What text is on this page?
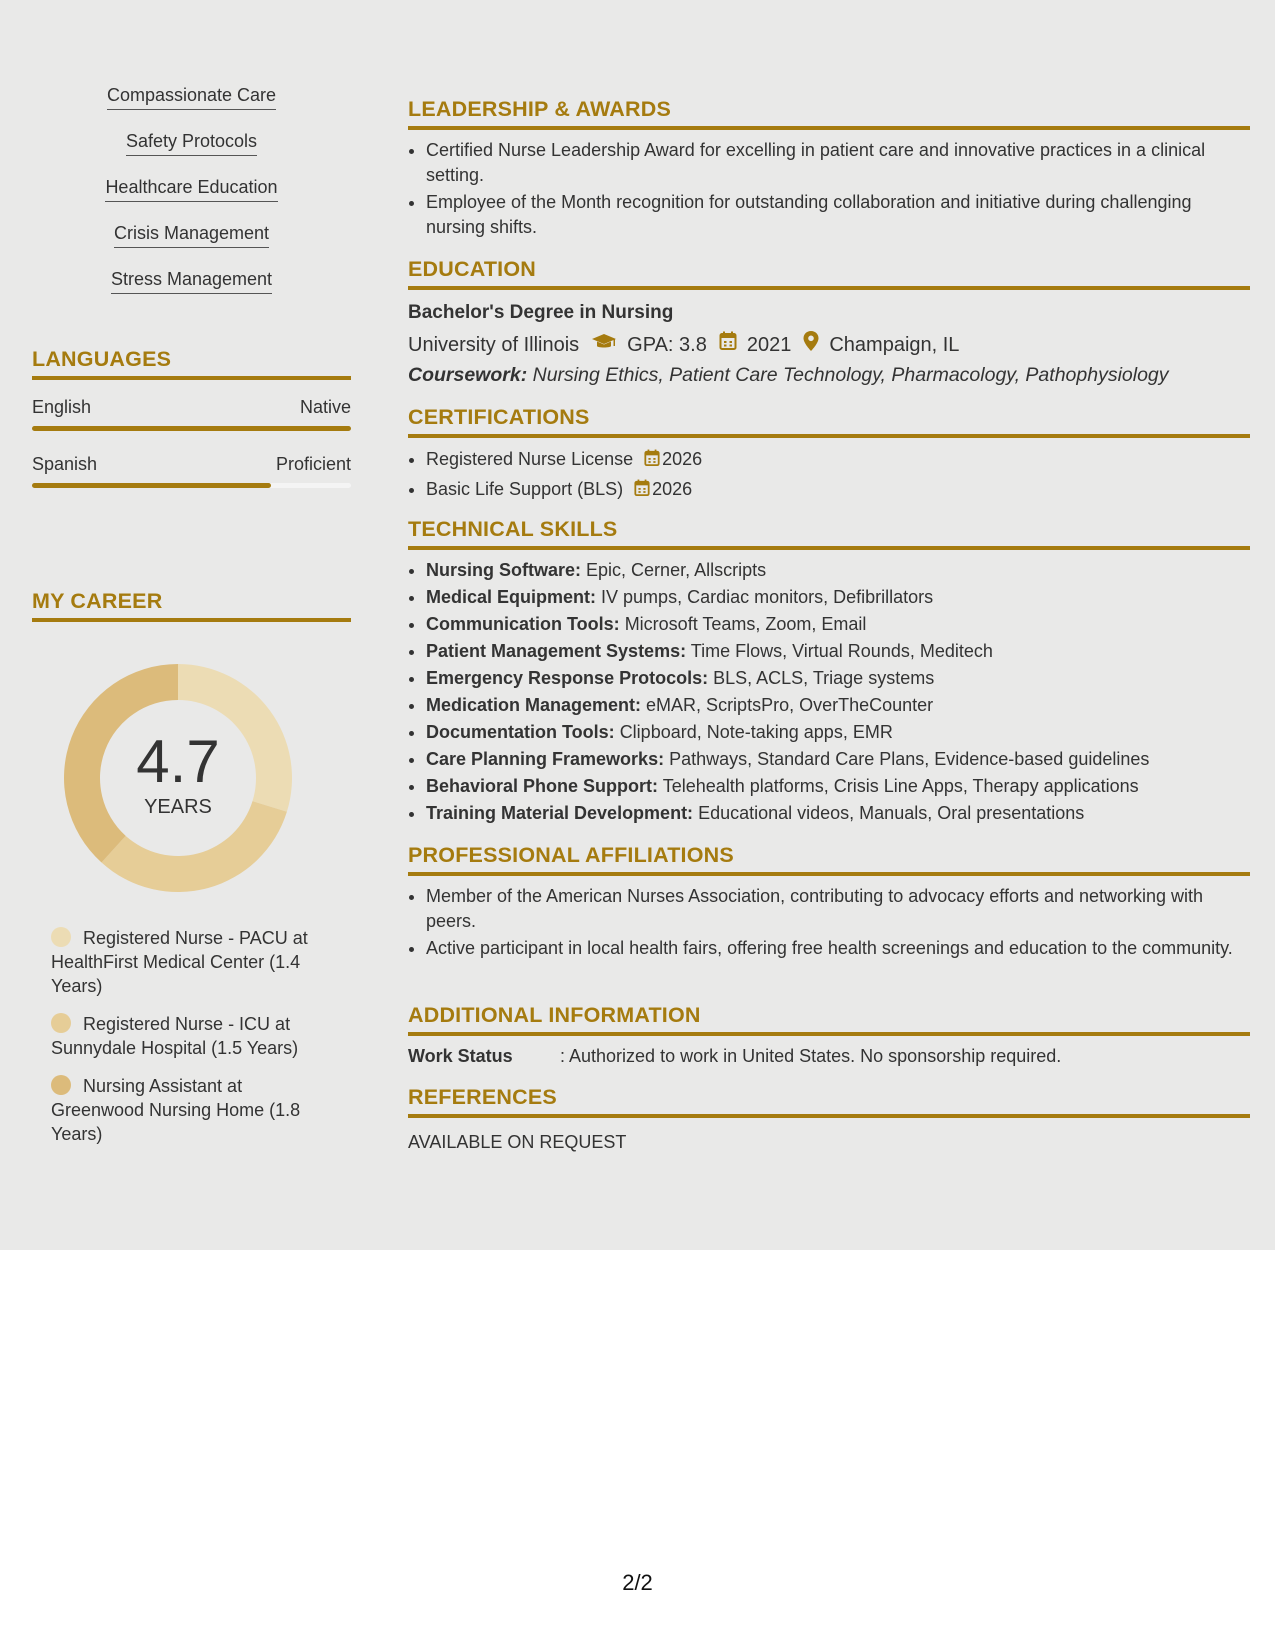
Compassionate Care
Safety Protocols
Healthcare Education
Crisis Management
Stress Management
LANGUAGES
English	Native
Spanish	Proficient
MY CAREER
4.7
YEARS
Registered Nurse - PACU at HealthFirst Medical Center (1.4 Years)
Registered Nurse - ICU at Sunnydale Hospital (1.5 Years)
Nursing Assistant at Greenwood Nursing Home (1.8 Years)
LEADERSHIP & AWARDS
• Certified Nurse Leadership Award for excelling in patient care and innovative practices in a clinical setting.
• Employee of the Month recognition for outstanding collaboration and initiative during challenging nursing shifts.
EDUCATION
Bachelor's Degree in Nursing
University of Illinois GPA: 3.8 2021 Champaign, IL
Coursework: Nursing Ethics, Patient Care Technology, Pharmacology, Pathophysiology
CERTIFICATIONS
• Registered Nurse License 2026
• Basic Life Support (BLS) 2026
TECHNICAL SKILLS
• Nursing Software: Epic, Cerner, Allscripts
• Medical Equipment: IV pumps, Cardiac monitors, Defibrillators
• Communication Tools: Microsoft Teams, Zoom, Email
• Patient Management Systems: Time Flows, Virtual Rounds, Meditech
• Emergency Response Protocols: BLS, ACLS, Triage systems
• Medication Management: eMAR, ScriptsPro, OverTheCounter
• Documentation Tools: Clipboard, Note-taking apps, EMR
• Care Planning Frameworks: Pathways, Standard Care Plans, Evidence-based guidelines
• Behavioral Phone Support: Telehealth platforms, Crisis Line Apps, Therapy applications
• Training Material Development: Educational videos, Manuals, Oral presentations
PROFESSIONAL AFFILIATIONS
• Member of the American Nurses Association, contributing to advocacy efforts and networking with peers.
• Active participant in local health fairs, offering free health screenings and education to the community.
ADDITIONAL INFORMATION
Work Status	: Authorized to work in United States. No sponsorship required.
REFERENCES
AVAILABLE ON REQUEST
2/2
